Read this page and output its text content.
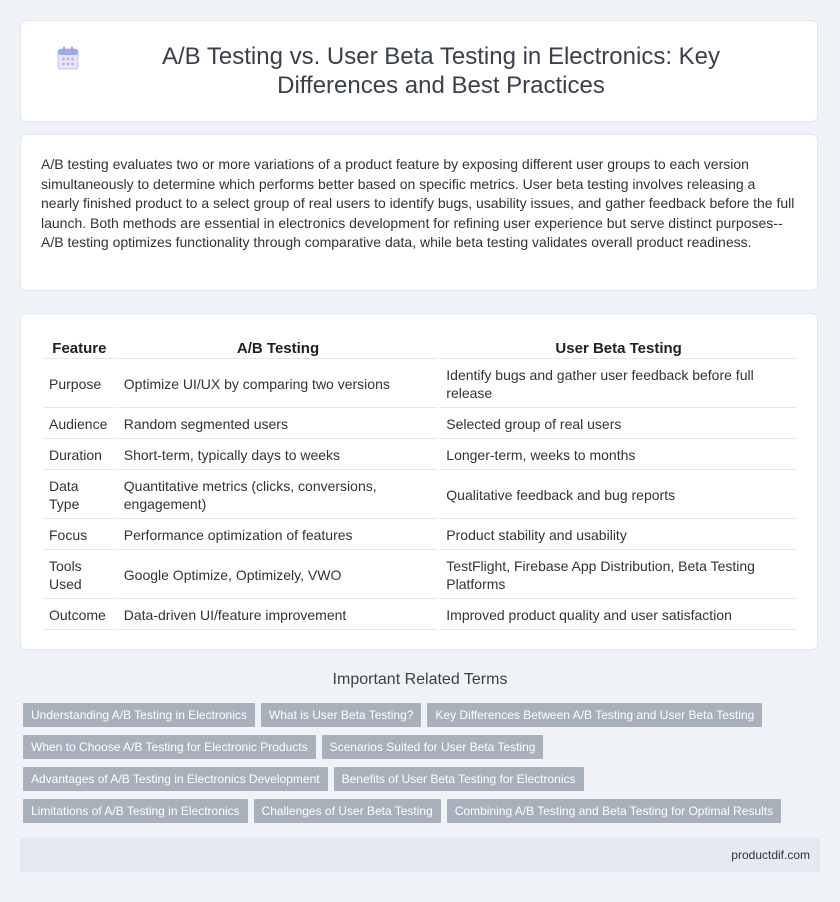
A/B Testing vs. User Beta Testing in Electronics: Key Differences and Best Practices

A/B testing evaluates two or more variations of a product feature by exposing different user groups to each version simultaneously to determine which performs better based on specific metrics. User beta testing involves releasing a nearly finished product to a select group of real users to identify bugs, usability issues, and gather feedback before the full launch. Both methods are essential in electronics development for refining user experience but serve distinct purposes--A/B testing optimizes functionality through comparative data, while beta testing validates overall product readiness.

Feature	A/B Testing	User Beta Testing
Purpose	Optimize UI/UX by comparing two versions	Identify bugs and gather user feedback before full release
Audience	Random segmented users	Selected group of real users
Duration	Short-term, typically days to weeks	Longer-term, weeks to months
Data Type	Quantitative metrics (clicks, conversions, engagement)	Qualitative feedback and bug reports
Focus	Performance optimization of features	Product stability and usability
Tools Used	Google Optimize, Optimizely, VWO	TestFlight, Firebase App Distribution, Beta Testing Platforms
Outcome	Data-driven UI/feature improvement	Improved product quality and user satisfaction
Important Related Terms
Understanding A/B Testing in Electronics	What is User Beta Testing?	Key Differences Between A/B Testing and User Beta Testing
When to Choose A/B Testing for Electronic Products	Scenarios Suited for User Beta Testing
Advantages of A/B Testing in Electronics Development	Benefits of User Beta Testing for Electronics
Limitations of A/B Testing in Electronics	Challenges of User Beta Testing	Combining A/B Testing and Beta Testing for Optimal Results
productdif.com
